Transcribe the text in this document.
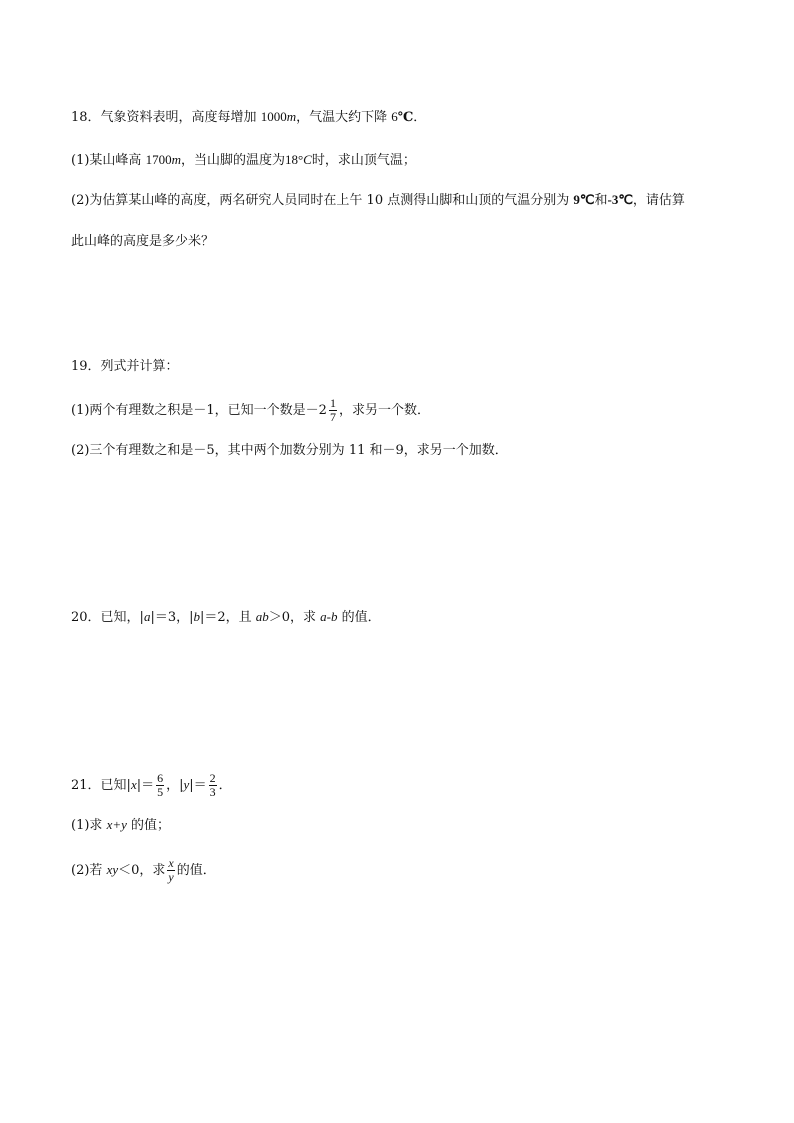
18．气象资料表明，高度每增加 1000m，气温大约下降 6℃．
(1)某山峰高 1700m，当山脚的温度为18°C时，求山顶气温；
(2)为估算某山峰的高度，两名研究人员同时在上午 10 点测得山脚和山顶的气温分别为 9℃和-3℃，请估算
此山峰的高度是多少米？
19．列式并计算：
(1)两个有理数之积是－1，已知一个数是$-2 \frac{1}{7}$ ，求另一个数．
(2)三个有理数之和是－5，其中两个加数分别为 11 和－9，求另一个加数．
20．已知，|a|＝3，|b|＝2，且 ab＞0，求 a-b 的值．
21．已知$|x|= \frac{6}{5}$ ，$|y|= \frac{2}{3}$ ．
(1)求 x+y 的值；
(2)若 xy＜0，求 $\frac{x}{y}$ 的值．
